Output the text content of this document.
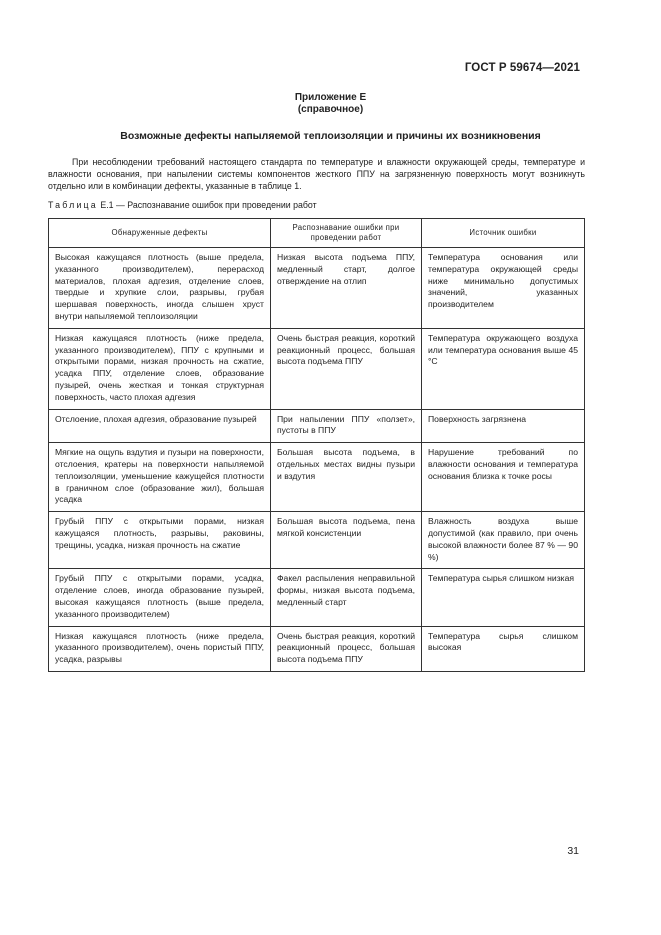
ГОСТ Р 59674—2021
Приложение Е
(справочное)
Возможные дефекты напыляемой теплоизоляции и причины их возникновения

При несоблюдении требований настоящего стандарта по температуре и влажности окружающей среды, температуре и влажности основания, при напылении системы компонентов жесткого ППУ на загрязненную поверхность могут возникнуть отдельно или в комбинации дефекты, указанные в таблице 1.

Таблица Е.1 — Распознавание ошибок при проведении работ
Обнаруженные дефекты	Распознавание ошибки при проведении работ	Источник ошибки
Высокая кажущаяся плотность (выше предела, указанного производителем), перерасход материалов, плохая адгезия, отделение слоев, твердые и хрупкие слои, разрывы, грубая шершавая поверхность, иногда слышен хруст внутри напыляемой теплоизоляции	Низкая высота подъема ППУ, медленный старт, долгое отверждение на отлип	Температура основания или температура окружающей среды ниже минимально допустимых значений, указанных производителем
Низкая кажущаяся плотность (ниже предела, указанного производителем), ППУ с крупными и открытыми порами, низкая прочность на сжатие, усадка ППУ, отделение слоев, образование пузырей, очень жесткая и тонкая структурная поверхность, часто плохая адгезия	Очень быстрая реакция, короткий реакционный процесс, большая высота подъема ППУ	Температура окружающего воздуха или температура основания выше 45 °С
Отслоение, плохая адгезия, образование пузырей	При напылении ППУ «ползет», пустоты в ППУ	Поверхность загрязнена
Мягкие на ощупь вздутия и пузыри на поверхности, отслоения, кратеры на поверхности напыляемой теплоизоляции, уменьшение кажущейся плотности в граничном слое (образование жил), большая усадка	Большая высота подъема, в отдельных местах видны пузыри и вздутия	Нарушение требований по влажности основания и температура основания близка к точке росы
Грубый ППУ с открытыми порами, низкая кажущаяся плотность, разрывы, раковины, трещины, усадка, низкая прочность на сжатие	Большая высота подъема, пена мягкой консистенции	Влажность воздуха выше допустимой (как правило, при очень высокой влажности более 87 % — 90 %)
Грубый ППУ с открытыми порами, усадка, отделение слоев, иногда образование пузырей, высокая кажущаяся плотность (выше предела, указанного производителем)	Факел распыления неправильной формы, низкая высота подъема, медленный старт	Температура сырья слишком низкая
Низкая кажущаяся плотность (ниже предела, указанного производителем), очень пористый ППУ, усадка, разрывы	Очень быстрая реакция, короткий реакционный процесс, большая высота подъема ППУ	Температура сырья слишком высокая
31
